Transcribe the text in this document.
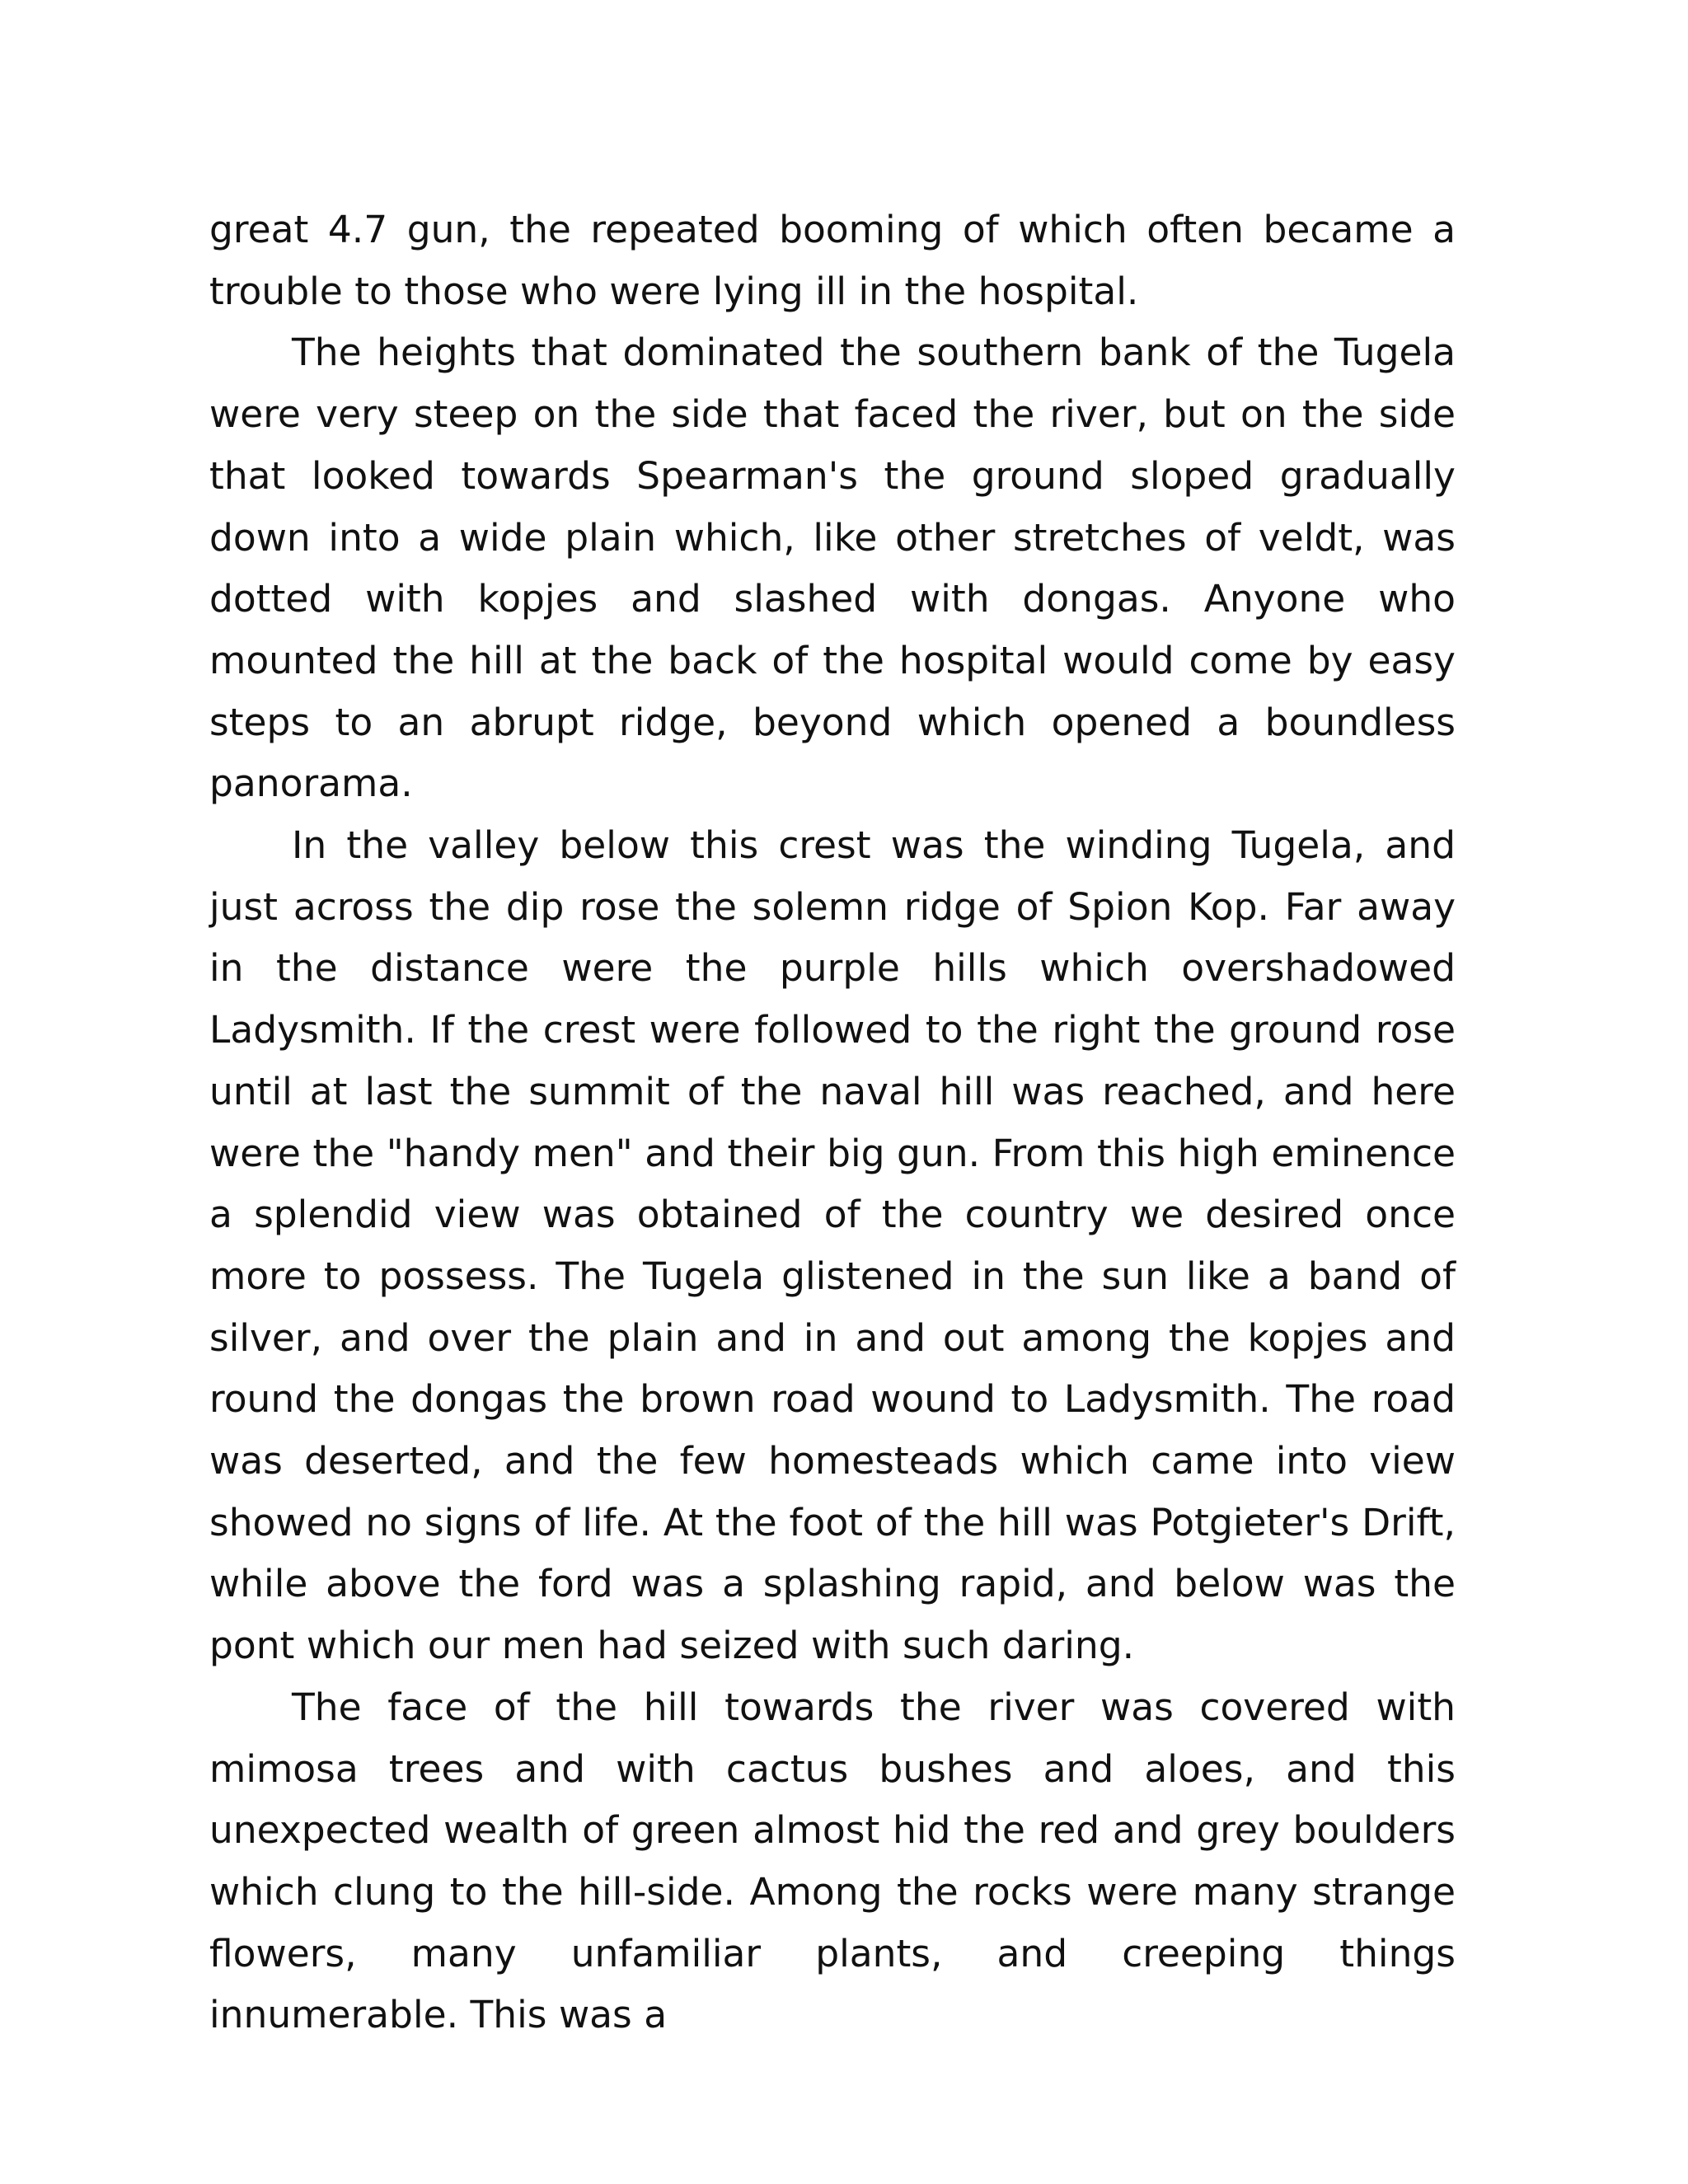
great 4.7 gun, the repeated booming of which often became a trouble to those who were lying ill in the hospital.

The heights that dominated the southern bank of the Tugela were very steep on the side that faced the river, but on the side that looked towards Spearman's the ground sloped gradually down into a wide plain which, like other stretches of veldt, was dotted with kopjes and slashed with dongas. Anyone who mounted the hill at the back of the hospital would come by easy steps to an abrupt ridge, beyond which opened a boundless panorama.

In the valley below this crest was the winding Tugela, and just across the dip rose the solemn ridge of Spion Kop. Far away in the distance were the purple hills which overshadowed Ladysmith. If the crest were followed to the right the ground rose until at last the summit of the naval hill was reached, and here were the "handy men" and their big gun. From this high eminence a splendid view was obtained of the country we desired once more to possess. The Tugela glistened in the sun like a band of silver, and over the plain and in and out among the kopjes and round the dongas the brown road wound to Ladysmith. The road was deserted, and the few homesteads which came into view showed no signs of life. At the foot of the hill was Potgieter's Drift, while above the ford was a splashing rapid, and below was the pont which our men had seized with such daring.

The face of the hill towards the river was covered with mimosa trees and with cactus bushes and aloes, and this unexpected wealth of green almost hid the red and grey boulders which clung to the hill-side. Among the rocks were many strange flowers, many unfamiliar plants, and creeping things innumerable. This was a
